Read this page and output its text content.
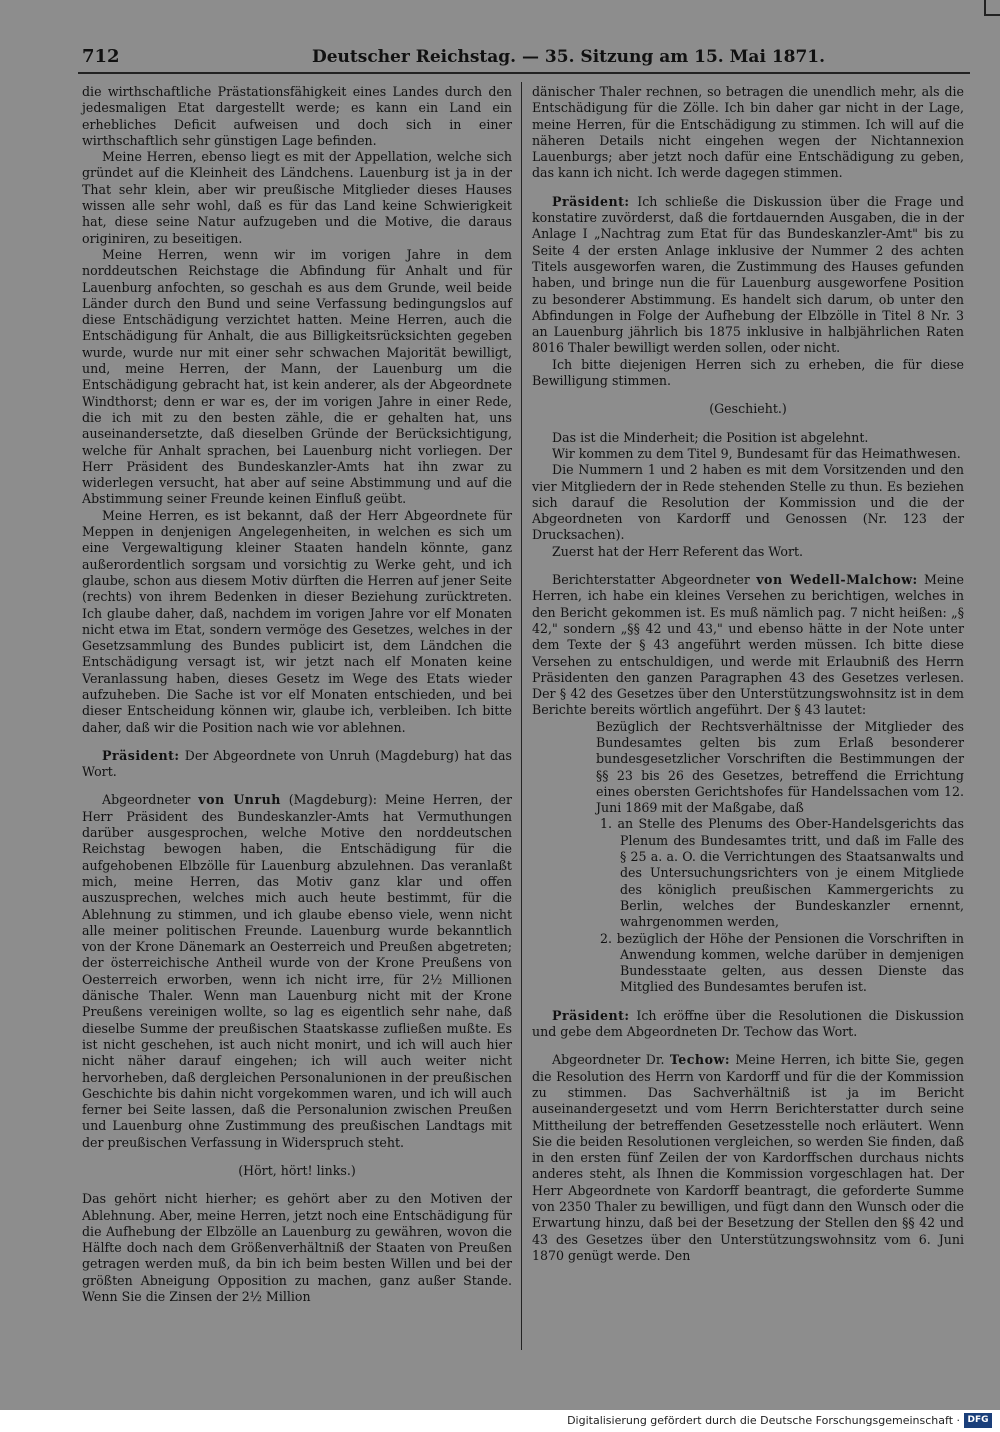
712	Deutscher Reichstag. — 35. Sitzung am 15. Mai 1871.

die wirthschaftliche Prästationsfähigkeit eines Landes durch den jedesmaligen Etat dargestellt werde; es kann ein Land ein erhebliches Deficit aufweisen und doch sich in einer wirthschaftlich sehr günstigen Lage befinden.

Meine Herren, ebenso liegt es mit der Appellation, welche sich gründet auf die Kleinheit des Ländchens. Lauenburg ist ja in der That sehr klein, aber wir preußische Mitglieder dieses Hauses wissen alle sehr wohl, daß es für das Land keine Schwierigkeit hat, diese seine Natur aufzugeben und die Motive, die daraus originiren, zu beseitigen.

Meine Herren, wenn wir im vorigen Jahre in dem norddeutschen Reichstage die Abfindung für Anhalt und für Lauenburg anfochten, so geschah es aus dem Grunde, weil beide Länder durch den Bund und seine Verfassung bedingungslos auf diese Entschädigung verzichtet hatten. Meine Herren, auch die Entschädigung für Anhalt, die aus Billigkeitsrücksichten gegeben wurde, wurde nur mit einer sehr schwachen Majorität bewilligt, und, meine Herren, der Mann, der Lauenburg um die Entschädigung gebracht hat, ist kein anderer, als der Abgeordnete Windthorst; denn er war es, der im vorigen Jahre in einer Rede, die ich mit zu den besten zähle, die er gehalten hat, uns auseinandersetzte, daß dieselben Gründe der Berücksichtigung, welche für Anhalt sprachen, bei Lauenburg nicht vorliegen. Der Herr Präsident des Bundeskanzler-Amts hat ihn zwar zu widerlegen versucht, hat aber auf seine Abstimmung und auf die Abstimmung seiner Freunde keinen Einfluß geübt.

Meine Herren, es ist bekannt, daß der Herr Abgeordnete für Meppen in denjenigen Angelegenheiten, in welchen es sich um eine Vergewaltigung kleiner Staaten handeln könnte, ganz außerordentlich sorgsam und vorsichtig zu Werke geht, und ich glaube, schon aus diesem Motiv dürften die Herren auf jener Seite (rechts) von ihrem Bedenken in dieser Beziehung zurücktreten. Ich glaube daher, daß, nachdem im vorigen Jahre vor elf Monaten nicht etwa im Etat, sondern vermöge des Gesetzes, welches in der Gesetzsammlung des Bundes publicirt ist, dem Ländchen die Entschädigung versagt ist, wir jetzt nach elf Monaten keine Veranlassung haben, dieses Gesetz im Wege des Etats wieder aufzuheben. Die Sache ist vor elf Monaten entschieden, und bei dieser Entscheidung können wir, glaube ich, verbleiben. Ich bitte daher, daß wir die Position nach wie vor ablehnen.

Präsident: Der Abgeordnete von Unruh (Magdeburg) hat das Wort.

Abgeordneter von Unruh (Magdeburg): Meine Herren, der Herr Präsident des Bundeskanzler-Amts hat Vermuthungen darüber ausgesprochen, welche Motive den norddeutschen Reichstag bewogen haben, die Entschädigung für die aufgehobenen Elbzölle für Lauenburg abzulehnen. Das veranlaßt mich, meine Herren, das Motiv ganz klar und offen auszusprechen, welches mich auch heute bestimmt, für die Ablehnung zu stimmen, und ich glaube ebenso viele, wenn nicht alle meiner politischen Freunde. Lauenburg wurde bekanntlich von der Krone Dänemark an Oesterreich und Preußen abgetreten; der österreichische Antheil wurde von der Krone Preußens von Oesterreich erworben, wenn ich nicht irre, für 2½ Millionen dänische Thaler. Wenn man Lauenburg nicht mit der Krone Preußens vereinigen wollte, so lag es eigentlich sehr nahe, daß dieselbe Summe der preußischen Staatskasse zufließen mußte. Es ist nicht geschehen, ist auch nicht monirt, und ich will auch hier nicht näher darauf eingehen; ich will auch weiter nicht hervorheben, daß dergleichen Personalunionen in der preußischen Geschichte bis dahin nicht vorgekommen waren, und ich will auch ferner bei Seite lassen, daß die Personalunion zwischen Preußen und Lauenburg ohne Zustimmung des preußischen Landtags mit der preußischen Verfassung in Widerspruch steht.

(Hört, hört! links.)

Das gehört nicht hierher; es gehört aber zu den Motiven der Ablehnung. Aber, meine Herren, jetzt noch eine Entschädigung für die Aufhebung der Elbzölle an Lauenburg zu gewähren, wovon die Hälfte doch nach dem Größenverhältniß der Staaten von Preußen getragen werden muß, da bin ich beim besten Willen und bei der größten Abneigung Opposition zu machen, ganz außer Stande. Wenn Sie die Zinsen der 2½ Million

dänischer Thaler rechnen, so betragen die unendlich mehr, als die Entschädigung für die Zölle. Ich bin daher gar nicht in der Lage, meine Herren, für die Entschädigung zu stimmen. Ich will auf die näheren Details nicht eingehen wegen der Nichtannexion Lauenburgs; aber jetzt noch dafür eine Entschädigung zu geben, das kann ich nicht. Ich werde dagegen stimmen.

Präsident: Ich schließe die Diskussion über die Frage und konstatire zuvörderst, daß die fortdauernden Ausgaben, die in der Anlage I „Nachtrag zum Etat für das Bundeskanzler-Amt" bis zu Seite 4 der ersten Anlage inklusive der Nummer 2 des achten Titels ausgeworfen waren, die Zustimmung des Hauses gefunden haben, und bringe nun die für Lauenburg ausgeworfene Position zu besonderer Abstimmung. Es handelt sich darum, ob unter den Abfindungen in Folge der Aufhebung der Elbzölle in Titel 8 Nr. 3 an Lauenburg jährlich bis 1875 inklusive in halbjährlichen Raten 8016 Thaler bewilligt werden sollen, oder nicht.

Ich bitte diejenigen Herren sich zu erheben, die für diese Bewilligung stimmen.

(Geschieht.)

Das ist die Minderheit; die Position ist abgelehnt.

Wir kommen zu dem Titel 9, Bundesamt für das Heimathwesen.

Die Nummern 1 und 2 haben es mit dem Vorsitzenden und den vier Mitgliedern der in Rede stehenden Stelle zu thun. Es beziehen sich darauf die Resolution der Kommission und die der Abgeordneten von Kardorff und Genossen (Nr. 123 der Drucksachen).

Zuerst hat der Herr Referent das Wort.

Berichterstatter Abgeordneter von Wedell-Malchow: Meine Herren, ich habe ein kleines Versehen zu berichtigen, welches in den Bericht gekommen ist. Es muß nämlich pag. 7 nicht heißen: „§ 42," sondern „§§ 42 und 43," und ebenso hätte in der Note unter dem Texte der § 43 angeführt werden müssen. Ich bitte diese Versehen zu entschuldigen, und werde mit Erlaubniß des Herrn Präsidenten den ganzen Paragraphen 43 des Gesetzes verlesen. Der § 42 des Gesetzes über den Unterstützungswohnsitz ist in dem Berichte bereits wörtlich angeführt. Der § 43 lautet:

Bezüglich der Rechtsverhältnisse der Mitglieder des Bundesamtes gelten bis zum Erlaß besonderer bundesgesetzlicher Vorschriften die Bestimmungen der §§ 23 bis 26 des Gesetzes, betreffend die Errichtung eines obersten Gerichtshofes für Handelssachen vom 12. Juni 1869 mit der Maßgabe, daß

1. an Stelle des Plenums des Ober-Handelsgerichts das Plenum des Bundesamtes tritt, und daß im Falle des § 25 a. a. O. die Verrichtungen des Staatsanwalts und des Untersuchungsrichters von je einem Mitgliede des königlich preußischen Kammergerichts zu Berlin, welches der Bundeskanzler ernennt, wahrgenommen werden,

2. bezüglich der Höhe der Pensionen die Vorschriften in Anwendung kommen, welche darüber in demjenigen Bundesstaate gelten, aus dessen Dienste das Mitglied des Bundesamtes berufen ist.

Präsident: Ich eröffne über die Resolutionen die Diskussion und gebe dem Abgeordneten Dr. Techow das Wort.

Abgeordneter Dr. Techow: Meine Herren, ich bitte Sie, gegen die Resolution des Herrn von Kardorff und für die der Kommission zu stimmen. Das Sachverhältniß ist ja im Bericht auseinandergesetzt und vom Herrn Berichterstatter durch seine Mittheilung der betreffenden Gesetzesstelle noch erläutert. Wenn Sie die beiden Resolutionen vergleichen, so werden Sie finden, daß in den ersten fünf Zeilen der von Kardorffschen durchaus nichts anderes steht, als Ihnen die Kommission vorgeschlagen hat. Der Herr Abgeordnete von Kardorff beantragt, die geforderte Summe von 2350 Thaler zu bewilligen, und fügt dann den Wunsch oder die Erwartung hinzu, daß bei der Besetzung der Stellen den §§ 42 und 43 des Gesetzes über den Unterstützungswohnsitz vom 6. Juni 1870 genügt werde. Den

Digitalisierung gefördert durch die Deutsche Forschungsgemeinschaft · DFG
